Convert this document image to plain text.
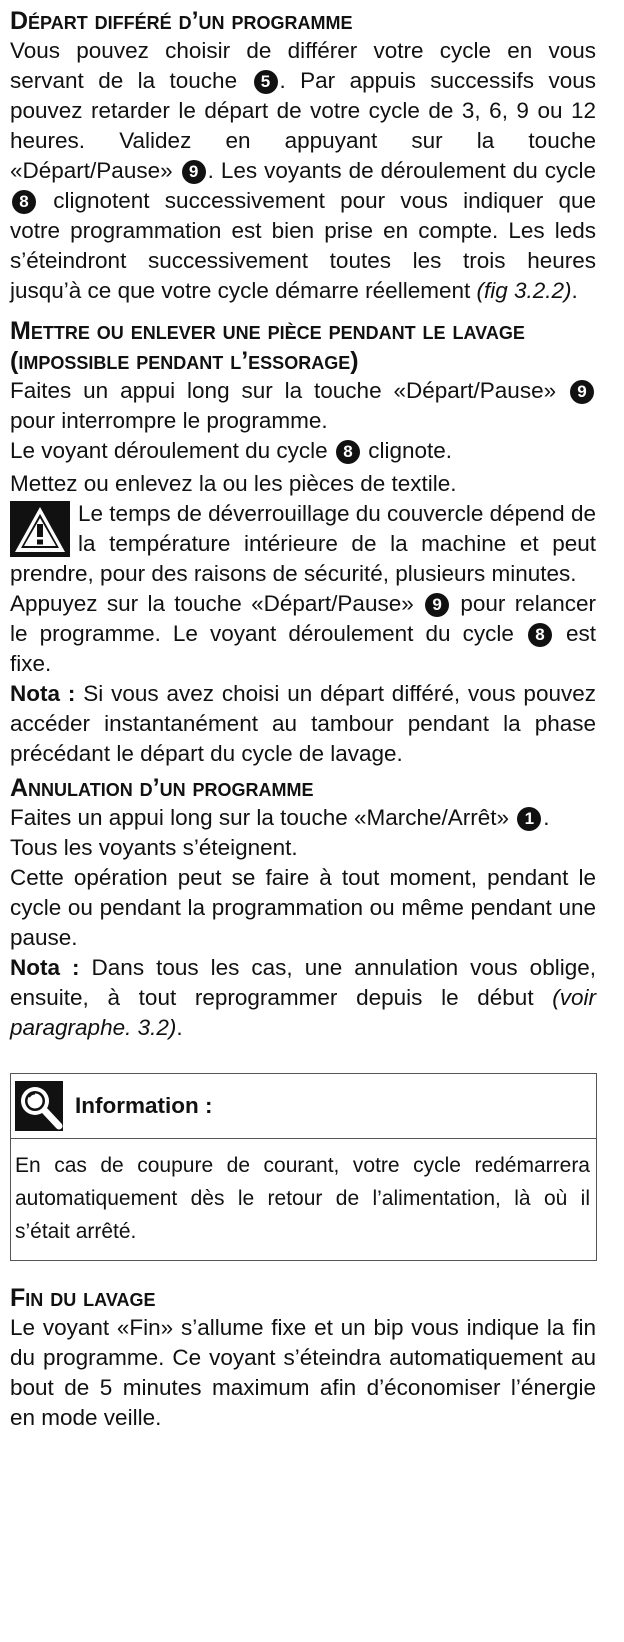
Départ différé d’un programme

Vous pouvez choisir de différer votre cycle en vous servant de la touche 5 . Par appuis successifs vous pouvez retarder le départ de votre cycle de 3, 6, 9 ou 12 heures. Validez en appuyant sur la touche «Départ/Pause» 9 . Les voyants de déroulement du cycle 8 clignotent successivement pour vous indiquer que votre programmation est bien prise en compte. Les leds s’éteindront successivement toutes les trois heures jusqu’à ce que votre cycle démarre réellement (fig 3.2.2).

Mettre ou enlever une pièce pendant le lavage (impossible pendant l’essorage)

Faites un appui long sur la touche «Départ/Pause» 9 pour interrompre le programme.

Le voyant déroulement du cycle 8 clignote.

Mettez ou enlevez la ou les pièces de textile.

Le temps de déverrouillage du couvercle dépend de la température intérieure de la machine et peut prendre, pour des raisons de sécurité, plusieurs minutes.

Appuyez sur la touche «Départ/Pause» 9 pour relancer le programme. Le voyant déroulement du cycle 8 est fixe.

Nota : Si vous avez choisi un départ différé, vous pouvez accéder instantanément au tambour pendant la phase précédant le départ du cycle de lavage.

Annulation d’un programme

Faites un appui long sur la touche «Marche/Arrêt» 1 .

Tous les voyants s’éteignent.

Cette opération peut se faire à tout moment, pendant le cycle ou pendant la programmation ou même pendant une pause.

Nota : Dans tous les cas, une annulation vous oblige, ensuite, à tout reprogrammer depuis le début (voir paragraphe. 3.2).

Information :
En cas de coupure de courant, votre cycle redémarrera automatiquement dès le retour de l’alimentation, là où il s’était arrêté.
Fin du lavage

Le voyant «Fin» s’allume fixe et un bip vous indique la fin du programme. Ce voyant s’éteindra automatiquement au bout de 5 minutes maximum afin d’économiser l’énergie en mode veille.
